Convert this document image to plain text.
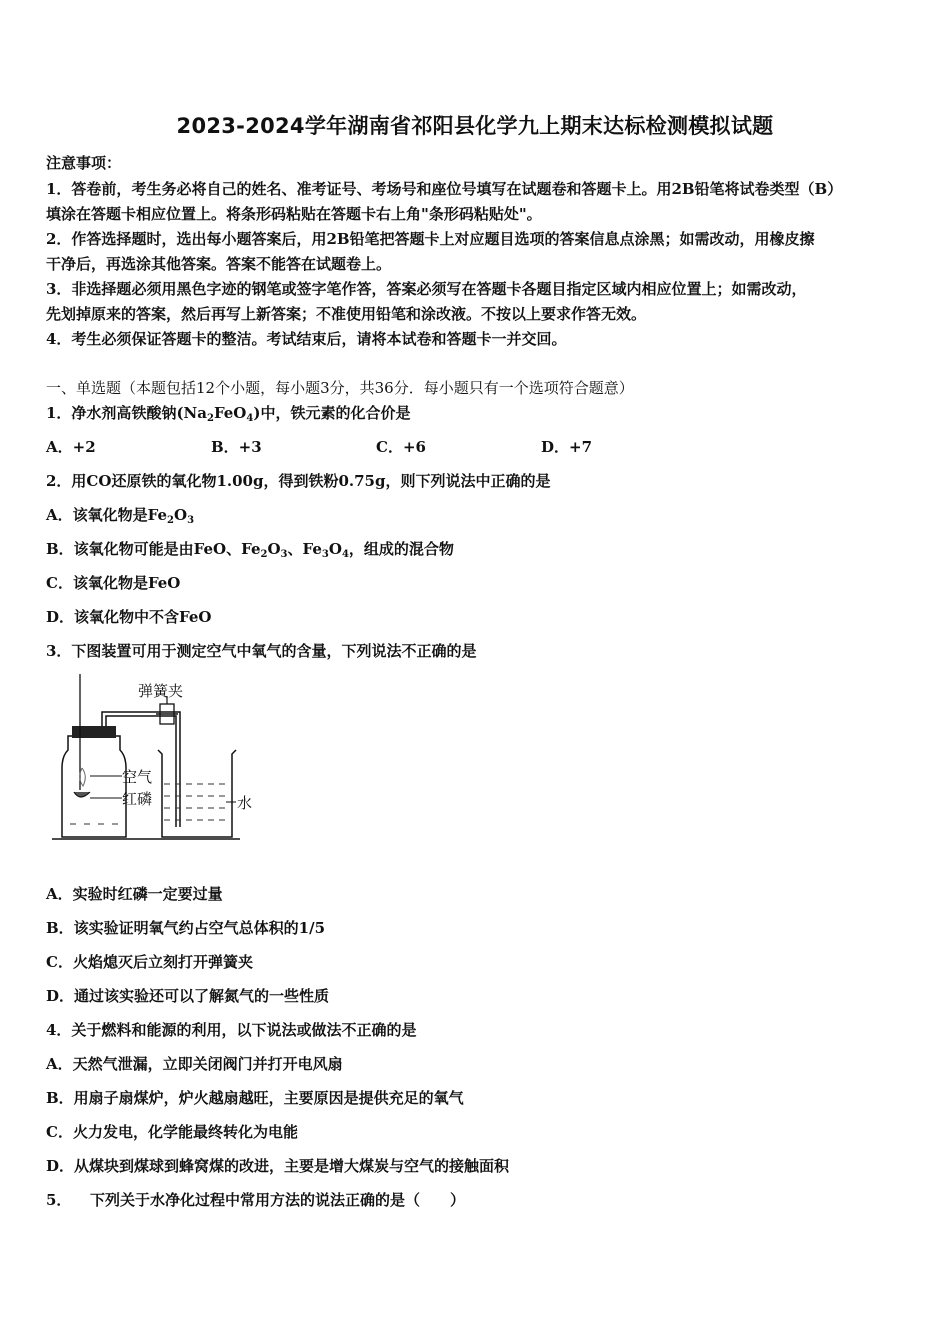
2023-2024学年湖南省祁阳县化学九上期末达标检测模拟试题
注意事项：
1．答卷前，考生务必将自己的姓名、准考证号、考场号和座位号填写在试题卷和答题卡上。用2B铅笔将试卷类型（B）
填涂在答题卡相应位置上。将条形码粘贴在答题卡右上角"条形码粘贴处"。
2．作答选择题时，选出每小题答案后，用2B铅笔把答题卡上对应题目选项的答案信息点涂黑；如需改动，用橡皮擦
干净后，再选涂其他答案。答案不能答在试题卷上。
3．非选择题必须用黑色字迹的钢笔或签字笔作答，答案必须写在答题卡各题目指定区域内相应位置上；如需改动，
先划掉原来的答案，然后再写上新答案；不准使用铅笔和涂改液。不按以上要求作答无效。
4．考生必须保证答题卡的整洁。考试结束后，请将本试卷和答题卡一并交回。
一、单选题（本题包括12个小题，每小题3分，共36分．每小题只有一个选项符合题意）
1．净水剂高铁酸钠$(Na_2FeO_4)$中，铁元素的化合价是
A．+2	B．+3	C．+6	D．+7
2．用CO还原铁的氧化物1.00g，得到铁粉0.75g，则下列说法中正确的是
A．该氧化物是$Fe_2O_3$
B．该氧化物可能是由FeO、$Fe_2O_3$、$Fe_3O_4$，组成的混合物
C．该氧化物是FeO
D．该氧化物中不含FeO
3．下图装置可用于测定空气中氧气的含量，下列说法不正确的是
弹簧夹
空气
红磷	水
A．实验时红磷一定要过量
B．该实验证明氧气约占空气总体积的1/5
C．火焰熄灭后立刻打开弹簧夹
D．通过该实验还可以了解氮气的一些性质
4．关于燃料和能源的利用，以下说法或做法不正确的是
A．天然气泄漏，立即关闭阀门并打开电风扇
B．用扇子扇煤炉，炉火越扇越旺，主要原因是提供充足的氧气
C．火力发电，化学能最终转化为电能
D．从煤块到煤球到蜂窝煤的改进，主要是增大煤炭与空气的接触面积
5． 下列关于水净化过程中常用方法的说法正确的是（　　）
